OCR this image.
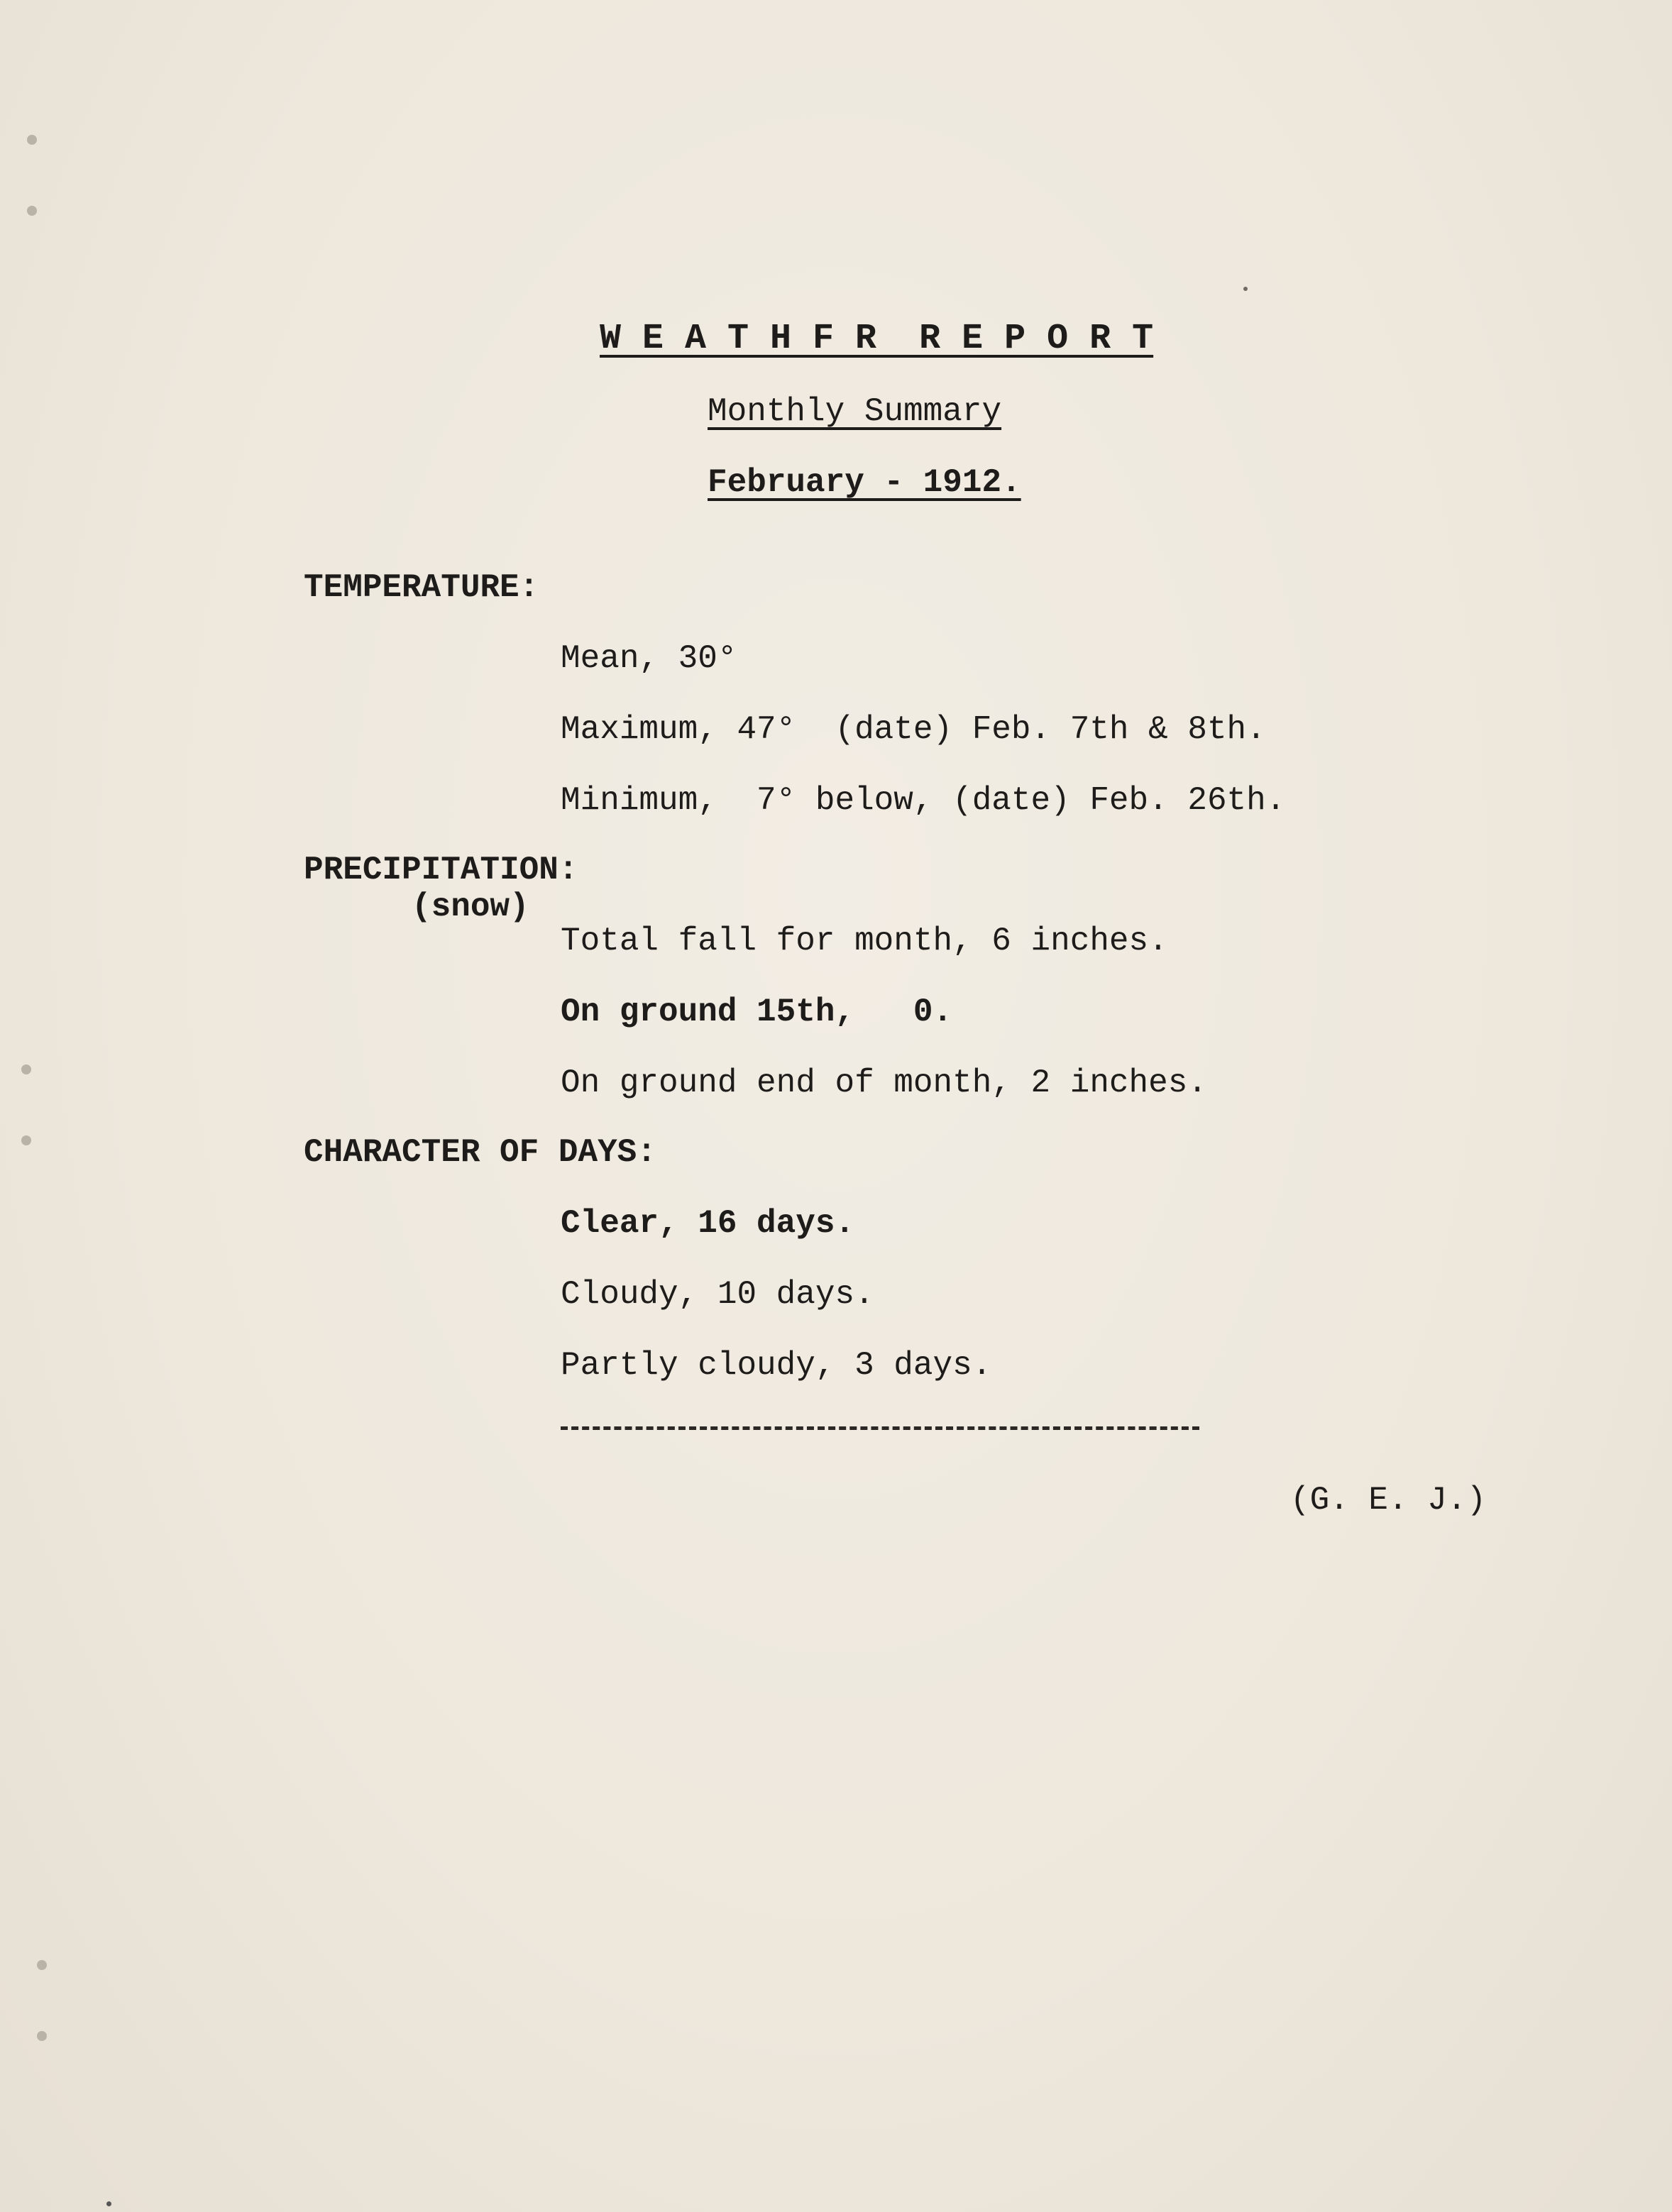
W E A T H F R  R E P O R T
Monthly Summary
February - 1912.
TEMPERATURE:
Mean, 30°
Maximum, 47°  (date) Feb. 7th & 8th.
Minimum,  7° below, (date) Feb. 26th.
PRECIPITATION:
(snow)
Total fall for month, 6 inches.
On ground 15th,   0.
On ground end of month, 2 inches.
CHARACTER OF DAYS:
Clear, 16 days.
Cloudy, 10 days.
Partly cloudy, 3 days.
(G. E. J.)
